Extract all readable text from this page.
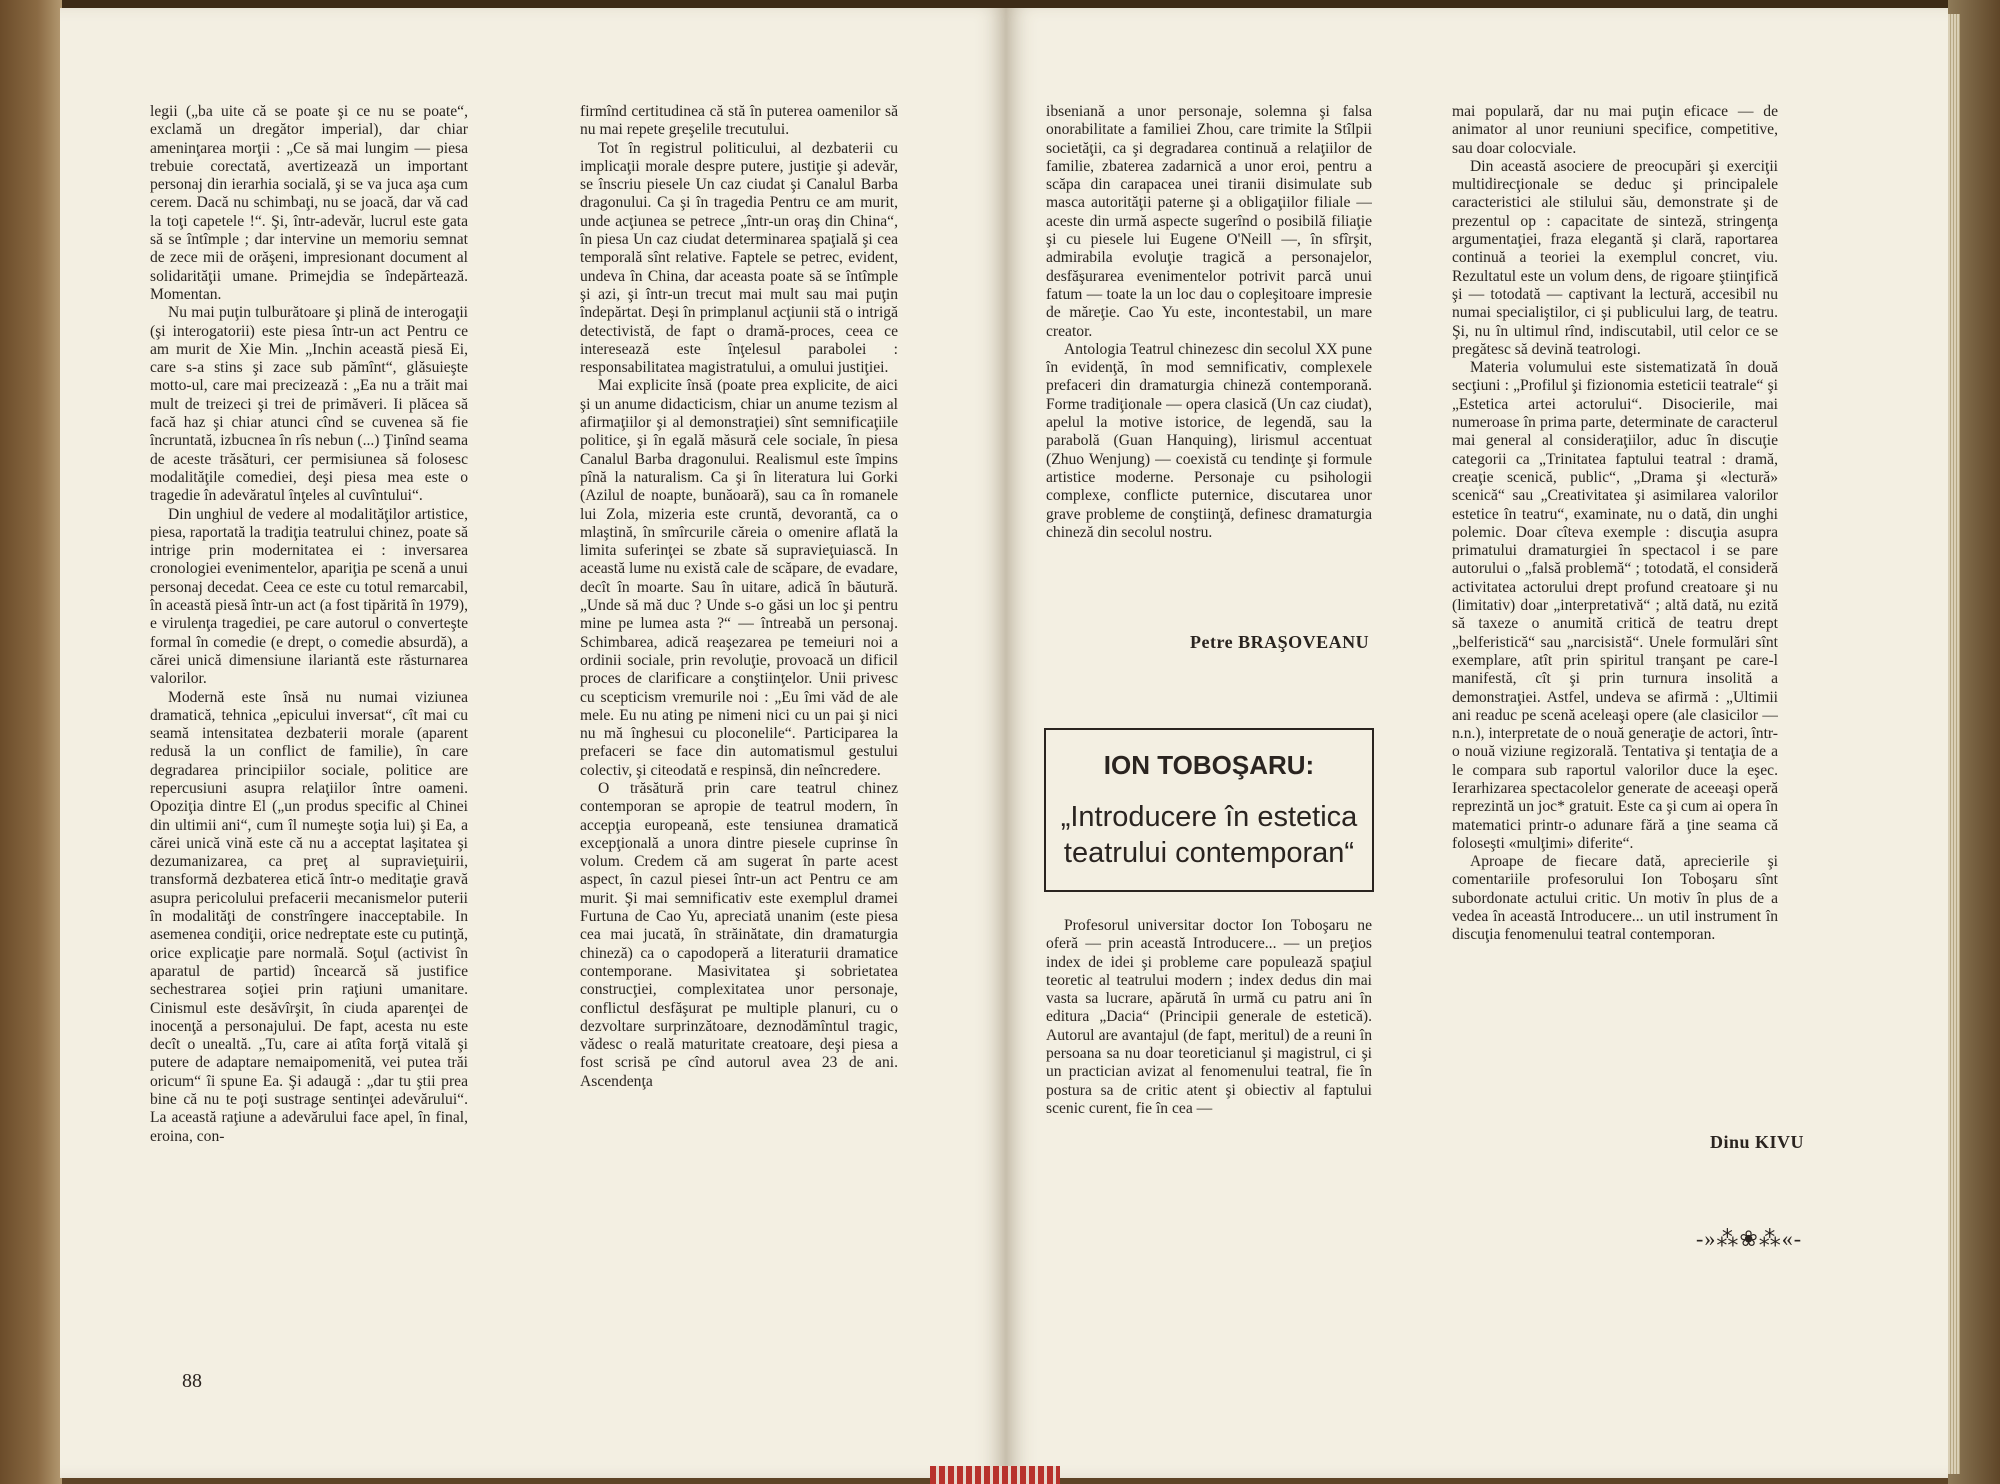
legii („ba uite că se poate şi ce nu se poate“, exclamă un dregător imperial), dar chiar ameninţarea morţii : „Ce să mai lungim — piesa trebuie corectată, avertizează un important personaj din ierarhia socială, şi se va juca aşa cum cerem. Dacă nu schimbaţi, nu se joacă, dar vă cad la toţi capetele !“. Şi, într-adevăr, lucrul este gata să se întîmple ; dar intervine un memoriu semnat de zece mii de orăşeni, impresionant document al solidarităţii umane. Primejdia se îndepărtează. Momentan.

Nu mai puţin tulburătoare şi plină de interogaţii (şi interogatorii) este piesa într-un act Pentru ce am murit de Xie Min. „Inchin această piesă Ei, care s-a stins şi zace sub pămînt“, glăsuieşte motto-ul, care mai precizează : „Ea nu a trăit mai mult de treizeci şi trei de primăveri. Ii plăcea să facă haz şi chiar atunci cînd se cuvenea să fie încruntată, izbucnea în rîs nebun (...) Ţinînd seama de aceste trăsături, cer permisiunea să folosesc modalităţile comediei, deşi piesa mea este o tragedie în adevăratul înţeles al cuvîntului“.

Din unghiul de vedere al modalităţilor artistice, piesa, raportată la tradiţia teatrului chinez, poate să intrige prin modernitatea ei : inversarea cronologiei evenimentelor, apariţia pe scenă a unui personaj decedat. Ceea ce este cu totul remarcabil, în această piesă într-un act (a fost tipărită în 1979), e virulenţa tragediei, pe care autorul o converteşte formal în comedie (e drept, o comedie absurdă), a cărei unică dimensiune ilariantă este răsturnarea valorilor.

Modernă este însă nu numai viziunea dramatică, tehnica „epicului inversat“, cît mai cu seamă intensitatea dezbaterii morale (aparent redusă la un conflict de familie), în care degradarea principiilor sociale, politice are repercusiuni asupra relaţiilor între oameni. Opoziţia dintre El („un produs specific al Chinei din ultimii ani“, cum îl numeşte soţia lui) şi Ea, a cărei unică vină este că nu a acceptat laşitatea şi dezumanizarea, ca preţ al supravieţuirii, transformă dezbaterea etică într-o meditaţie gravă asupra pericolului prefacerii mecanismelor puterii în modalităţi de constrîngere inacceptabile. In asemenea condiţii, orice nedreptate este cu putinţă, orice explicaţie pare normală. Soţul (activist în aparatul de partid) încearcă să justifice sechestrarea soţiei prin raţiuni umanitare. Cinismul este desăvîrşit, în ciuda aparenţei de inocenţă a personajului. De fapt, acesta nu este decît o unealtă. „Tu, care ai atîta forţă vitală şi putere de adaptare nemaipomenită, vei putea trăi oricum“ îi spune Ea. Şi adaugă : „dar tu ştii prea bine că nu te poţi sustrage sentinţei adevărului“. La această raţiune a adevărului face apel, în final, eroina, con-

firmînd certitudinea că stă în puterea oamenilor să nu mai repete greşelile trecutului.

Tot în registrul politicului, al dezbaterii cu implicaţii morale despre putere, justiţie şi adevăr, se înscriu piesele Un caz ciudat şi Canalul Barba dragonului. Ca şi în tragedia Pentru ce am murit, unde acţiunea se petrece „într-un oraş din China“, în piesa Un caz ciudat determinarea spaţială şi cea temporală sînt relative. Faptele se petrec, evident, undeva în China, dar aceasta poate să se întîmple şi azi, şi într-un trecut mai mult sau mai puţin îndepărtat. Deşi în primplanul acţiunii stă o intrigă detectivistă, de fapt o dramă-proces, ceea ce interesează este înţelesul parabolei : responsabilitatea magistratului, a omului justiţiei.

Mai explicite însă (poate prea explicite, de aici şi un anume didacticism, chiar un anume tezism al afirmaţiilor şi al demonstraţiei) sînt semnificaţiile politice, şi în egală măsură cele sociale, în piesa Canalul Barba dragonului. Realismul este împins pînă la naturalism. Ca şi în literatura lui Gorki (Azilul de noapte, bunăoară), sau ca în romanele lui Zola, mizeria este cruntă, devorantă, ca o mlaştină, în smîrcurile căreia o omenire aflată la limita suferinţei se zbate să supravieţuiască. In această lume nu există cale de scăpare, de evadare, decît în moarte. Sau în uitare, adică în băutură. „Unde să mă duc ? Unde s-o găsi un loc şi pentru mine pe lumea asta ?“ — întreabă un personaj. Schimbarea, adică reaşezarea pe temeiuri noi a ordinii sociale, prin revoluţie, provoacă un dificil proces de clarificare a conştiinţelor. Unii privesc cu scepticism vremurile noi : „Eu îmi văd de ale mele. Eu nu ating pe nimeni nici cu un pai şi nici nu mă înghesui cu ploconelile“. Participarea la prefaceri se face din automatismul gestului colectiv, şi citeodată e respinsă, din neîncredere.

O trăsătură prin care teatrul chinez contemporan se apropie de teatrul modern, în accepţia europeană, este tensiunea dramatică excepţională a unora dintre piesele cuprinse în volum. Credem că am sugerat în parte acest aspect, în cazul piesei într-un act Pentru ce am murit. Şi mai semnificativ este exemplul dramei Furtuna de Cao Yu, apreciată unanim (este piesa cea mai jucată, în străinătate, din dramaturgia chineză) ca o capodoperă a literaturii dramatice contemporane. Masivitatea şi sobrietatea construcţiei, complexitatea unor personaje, conflictul desfăşurat pe multiple planuri, cu o dezvoltare surprinzătoare, deznodămîntul tragic, vădesc o reală maturitate creatoare, deşi piesa a fost scrisă pe cînd autorul avea 23 de ani. Ascendenţa

88

ibseniană a unor personaje, solemna şi falsa onorabilitate a familiei Zhou, care trimite la Stîlpii societăţii, ca şi degradarea continuă a relaţiilor de familie, zbaterea zadarnică a unor eroi, pentru a scăpa din carapacea unei tiranii disimulate sub masca autorităţii paterne şi a obligaţiilor filiale — aceste din urmă aspecte sugerînd o posibilă filiaţie şi cu piesele lui Eugene O'Neill —, în sfîrşit, admirabila evoluţie tragică a personajelor, desfăşurarea evenimentelor potrivit parcă unui fatum — toate la un loc dau o copleşitoare impresie de măreţie. Cao Yu este, incontestabil, un mare creator.

Antologia Teatrul chinezesc din secolul XX pune în evidenţă, în mod semnificativ, complexele prefaceri din dramaturgia chineză contemporană. Forme tradiţionale — opera clasică (Un caz ciudat), apelul la motive istorice, de legendă, sau la parabolă (Guan Hanquing), lirismul accentuat (Zhuo Wenjung) — coexistă cu tendinţe şi formule artistice moderne. Personaje cu psihologii complexe, conflicte puternice, discutarea unor grave probleme de conştiinţă, definesc dramaturgia chineză din secolul nostru.

Petre BRAŞOVEANU
ION TOBOŞARU:
„Introducere în estetica teatrului contemporan“

Profesorul universitar doctor Ion Toboşaru ne oferă — prin această Introducere... — un preţios index de idei şi probleme care populează spaţiul teoretic al teatrului modern ; index dedus din mai vasta sa lucrare, apărută în urmă cu patru ani în editura „Dacia“ (Principii generale de estetică). Autorul are avantajul (de fapt, meritul) de a reuni în persoana sa nu doar teoreticianul şi magistrul, ci şi un practician avizat al fenomenului teatral, fie în postura sa de critic atent şi obiectiv al faptului scenic curent, fie în cea —

mai populară, dar nu mai puţin eficace — de animator al unor reuniuni specifice, competitive, sau doar colocviale.

Din această asociere de preocupări şi exerciţii multidirecţionale se deduc şi principalele caracteristici ale stilului său, demonstrate şi de prezentul op : capacitate de sinteză, stringenţa argumentaţiei, fraza elegantă şi clară, raportarea continuă a teoriei la exemplul concret, viu. Rezultatul este un volum dens, de rigoare ştiinţifică şi — totodată — captivant la lectură, accesibil nu numai specialiştilor, ci şi publicului larg, de teatru. Şi, nu în ultimul rînd, indiscutabil, util celor ce se pregătesc să devină teatrologi.

Materia volumului este sistematizată în două secţiuni : „Profilul şi fizionomia esteticii teatrale“ şi „Estetica artei actorului“. Disocierile, mai numeroase în prima parte, determinate de caracterul mai general al consideraţiilor, aduc în discuţie categorii ca „Trinitatea faptului teatral : dramă, creaţie scenică, public“, „Drama şi «lectură» scenică“ sau „Creativitatea şi asimilarea valorilor estetice în teatru“, examinate, nu o dată, din unghi polemic. Doar cîteva exemple : discuţia asupra primatului dramaturgiei în spectacol i se pare autorului o „falsă problemă“ ; totodată, el consideră activitatea actorului drept profund creatoare şi nu (limitativ) doar „interpretativă“ ; altă dată, nu ezită să taxeze o anumită critică de teatru drept „belferistică“ sau „narcisistă“. Unele formulări sînt exemplare, atît prin spiritul tranşant pe care-l manifestă, cît şi prin turnura insolită a demonstraţiei. Astfel, undeva se afirmă : „Ultimii ani readuc pe scenă aceleaşi opere (ale clasicilor — n.n.), interpretate de o nouă generaţie de actori, într-o nouă viziune regizorală. Tentativa şi tentaţia de a le compara sub raportul valorilor duce la eşec. Ierarhizarea spectacolelor generate de aceeaşi operă reprezintă un joc* gratuit. Este ca şi cum ai opera în matematici printr-o adunare fără a ţine seama că foloseşti «mulţimi» diferite“.

Aproape de fiecare dată, aprecierile şi comentariile profesorului Ion Toboşaru sînt subordonate actului critic. Un motiv în plus de a vedea în această Introducere... un util instrument în discuţia fenomenului teatral contemporan.

Dinu KIVU
-»⁂❀⁂«-
